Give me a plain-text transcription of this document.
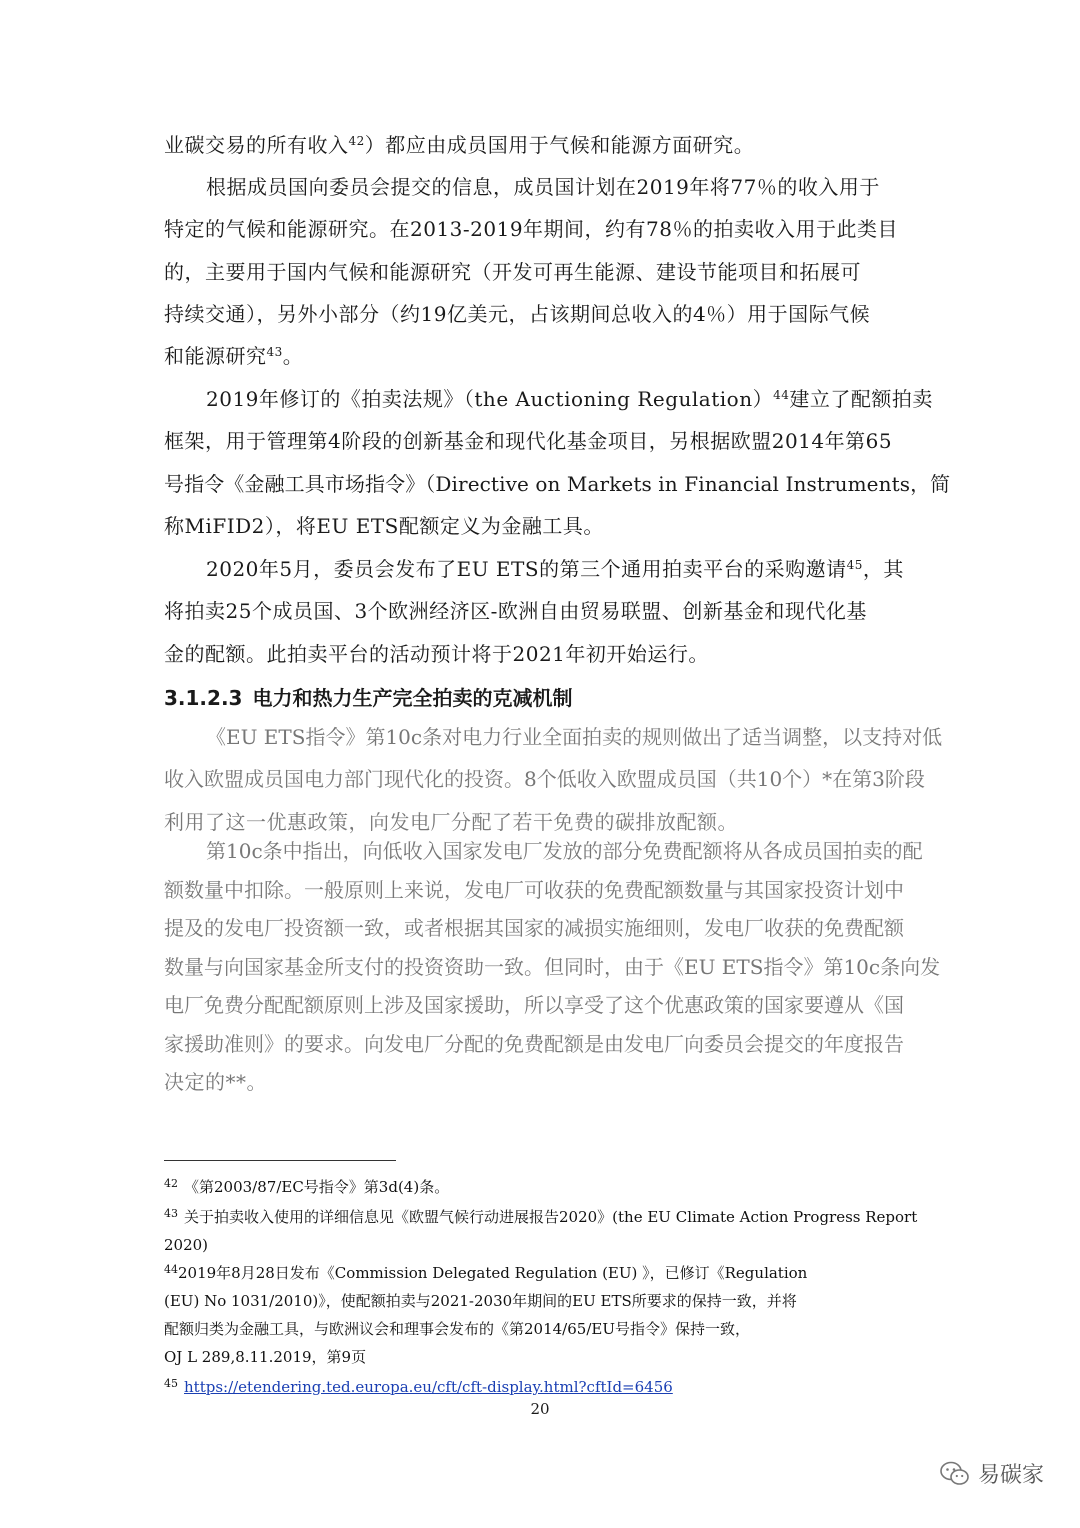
业碳交易的所有收入$^{42}$）都应由成员国用于气候和能源方面研究。
根据成员国向委员会提交的信息，成员国计划在2019年将77％的收入用于
特定的气候和能源研究。在2013-2019年期间，约有78％的拍卖收入用于此类目
的，主要用于国内气候和能源研究（开发可再生能源、建设节能项目和拓展可
持续交通），另外小部分（约19亿美元，占该期间总收入的4％）用于国际气候
和能源研究$^{43}$。
2019年修订的《拍卖法规》（the Auctioning Regulation）$^{44}$建立了配额拍卖
框架，用于管理第4阶段的创新基金和现代化基金项目，另根据欧盟2014年第65
号指令《金融工具市场指令》（Directive on Markets in Financial Instruments，简
称MiFID2），将EU ETS配额定义为金融工具。
2020年5月，委员会发布了EU ETS的第三个通用拍卖平台的采购邀请$^{45}$，其
将拍卖25个成员国、3个欧洲经济区-欧洲自由贸易联盟、创新基金和现代化基
金的配额。此拍卖平台的活动预计将于2021年初开始运行。
3.1.2.3 电力和热力生产完全拍卖的克减机制
《EU ETS指令》第10c条对电力行业全面拍卖的规则做出了适当调整，以支持对低
收入欧盟成员国电力部门现代化的投资。8个低收入欧盟成员国（共10个）*在第3阶段
利用了这一优惠政策，向发电厂分配了若干免费的碳排放配额。
第10c条中指出，向低收入国家发电厂发放的部分免费配额将从各成员国拍卖的配
额数量中扣除。一般原则上来说，发电厂可收获的免费配额数量与其国家投资计划中
提及的发电厂投资额一致，或者根据其国家的减损实施细则，发电厂收获的免费配额
数量与向国家基金所支付的投资资助一致。但同时，由于《EU ETS指令》第10c条向发
电厂免费分配配额原则上涉及国家援助，所以享受了这个优惠政策的国家要遵从《国
家援助准则》的要求。向发电厂分配的免费配额是由发电厂向委员会提交的年度报告
决定的**。
$^{42}$ 《第2003/87/EC号指令》第3d(4)条。
$^{43}$ 关于拍卖收入使用的详细信息见《欧盟气候行动进展报告2020》(the EU Climate Action Progress Report
2020)
$^{44}$2019年8月28日发布《Commission Delegated Regulation (EU) 》，已修订《Regulation
(EU) No 1031/2010)》，使配额拍卖与2021-2030年期间的EU ETS所要求的保持一致，并将
配额归类为金融工具，与欧洲议会和理事会发布的《第2014/65/EU号指令》保持一致，
OJ L 289,8.11.2019，第9页
$^{45}$ https://etendering.ted.europa.eu/cft/cft-display.html?cftId=6456
20
易碳家
